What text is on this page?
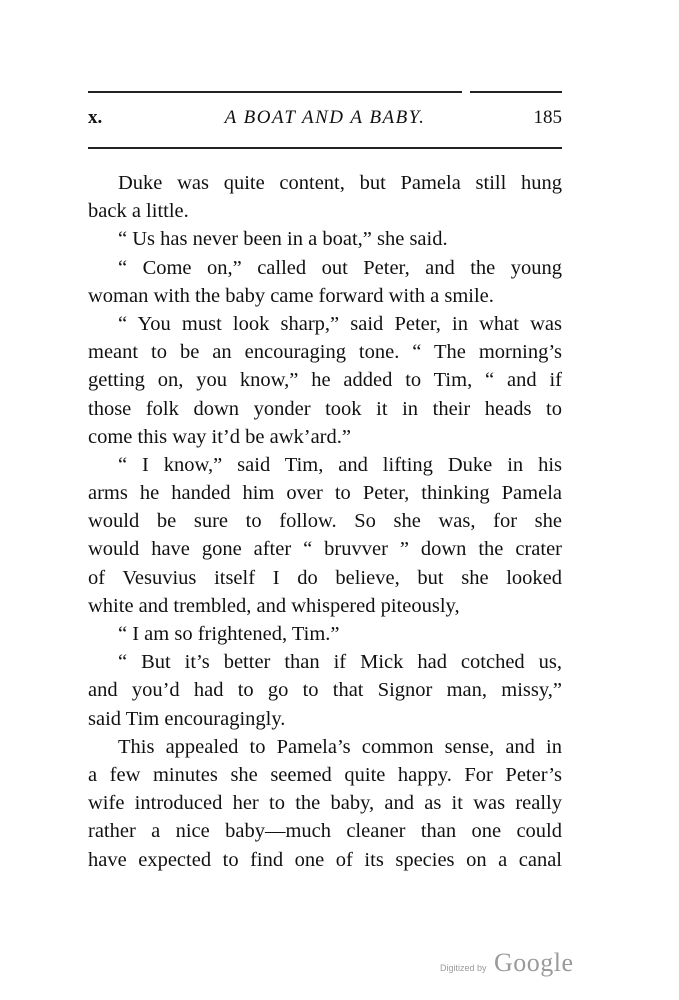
x.	A BOAT AND A BABY.	185
Duke was quite content, but Pamela still hung
back a little.
“ Us has never been in a boat,” she said.
“ Come on,” called out Peter, and the young
woman with the baby came forward with a smile.
“ You must look sharp,” said Peter, in what was
meant to be an encouraging tone. “ The morning’s
getting on, you know,” he added to Tim, “ and if
those folk down yonder took it in their heads to
come this way it’d be awk’ard.”
“ I know,” said Tim, and lifting Duke in his
arms he handed him over to Peter, thinking Pamela
would be sure to follow. So she was, for she
would have gone after “ bruvver ” down the crater
of Vesuvius itself I do believe, but she looked
white and trembled, and whispered piteously,
“ I am so frightened, Tim.”
“ But it’s better than if Mick had cotched us,
and you’d had to go to that Signor man, missy,”
said Tim encouragingly.
This appealed to Pamela’s common sense, and in
a few minutes she seemed quite happy. For Peter’s
wife introduced her to the baby, and as it was really
rather a nice baby—much cleaner than one could
have expected to find one of its species on a canal
Digitized by Google
